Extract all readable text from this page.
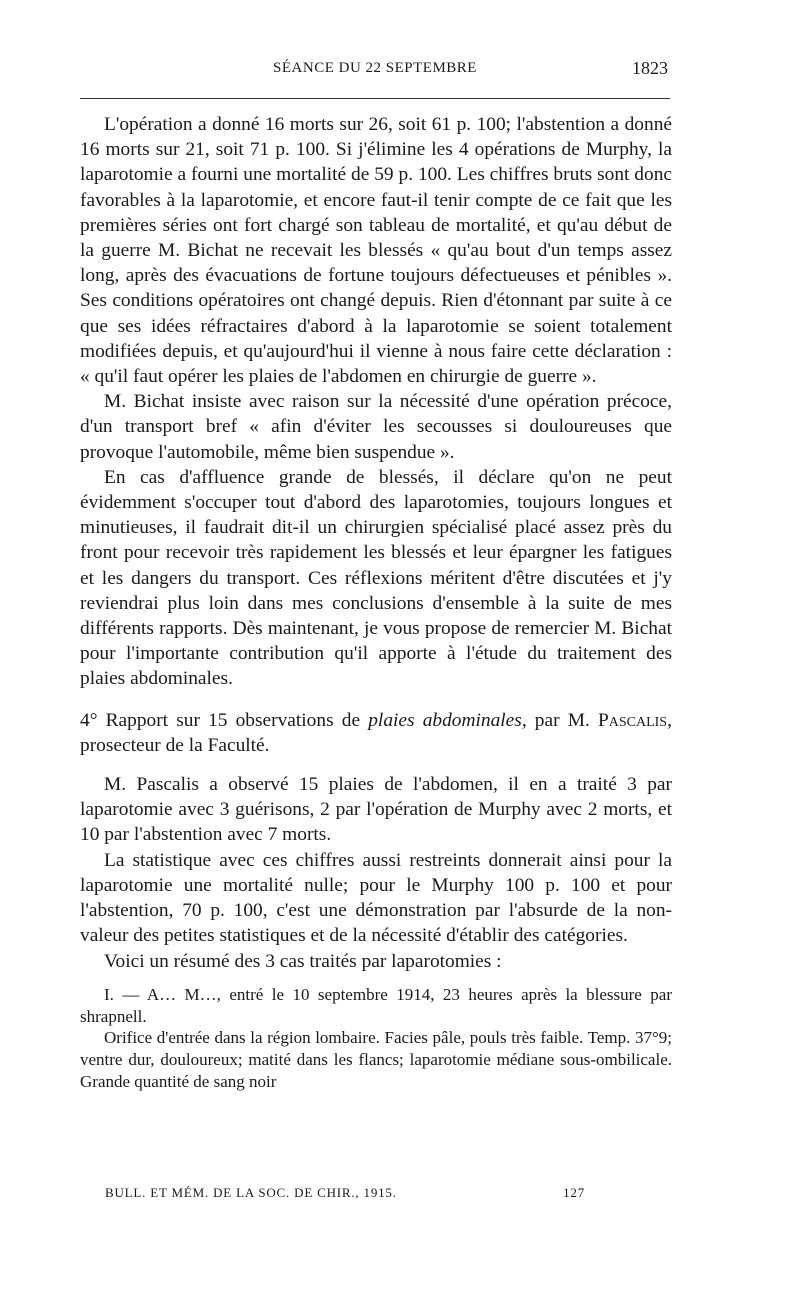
SÉANCE DU 22 SEPTEMBRE	1823

L'opération a donné 16 morts sur 26, soit 61 p. 100; l'abstention a donné 16 morts sur 21, soit 71 p. 100. Si j'élimine les 4 opérations de Murphy, la laparotomie a fourni une mortalité de 59 p. 100. Les chiffres bruts sont donc favorables à la laparotomie, et encore faut-il tenir compte de ce fait que les premières séries ont fort chargé son tableau de mortalité, et qu'au début de la guerre M. Bichat ne recevait les blessés « qu'au bout d'un temps assez long, après des évacuations de fortune toujours défectueuses et pénibles ». Ses conditions opératoires ont changé depuis. Rien d'étonnant par suite à ce que ses idées réfractaires d'abord à la laparotomie se soient totalement modifiées depuis, et qu'aujourd'hui il vienne à nous faire cette déclaration : « qu'il faut opérer les plaies de l'abdomen en chirurgie de guerre ».

M. Bichat insiste avec raison sur la nécessité d'une opération précoce, d'un transport bref « afin d'éviter les secousses si douloureuses que provoque l'automobile, même bien suspendue ».

En cas d'affluence grande de blessés, il déclare qu'on ne peut évidemment s'occuper tout d'abord des laparotomies, toujours longues et minutieuses, il faudrait dit-il un chirurgien spécialisé placé assez près du front pour recevoir très rapidement les blessés et leur épargner les fatigues et les dangers du transport. Ces réflexions méritent d'être discutées et j'y reviendrai plus loin dans mes conclusions d'ensemble à la suite de mes différents rapports. Dès maintenant, je vous propose de remercier M. Bichat pour l'importante contribution qu'il apporte à l'étude du traitement des plaies abdominales.

4° Rapport sur 15 observations de plaies abdominales, par M. Pascalis, prosecteur de la Faculté.

M. Pascalis a observé 15 plaies de l'abdomen, il en a traité 3 par laparotomie avec 3 guérisons, 2 par l'opération de Murphy avec 2 morts, et 10 par l'abstention avec 7 morts.

La statistique avec ces chiffres aussi restreints donnerait ainsi pour la laparotomie une mortalité nulle; pour le Murphy 100 p. 100 et pour l'abstention, 70 p. 100, c'est une démonstration par l'absurde de la non-valeur des petites statistiques et de la nécessité d'établir des catégories.

Voici un résumé des 3 cas traités par laparotomies :

I. — A… M…, entré le 10 septembre 1914, 23 heures après la blessure par shrapnell.

Orifice d'entrée dans la région lombaire. Facies pâle, pouls très faible. Temp. 37°9; ventre dur, douloureux; matité dans les flancs; laparotomie médiane sous-ombilicale. Grande quantité de sang noir

BULL. ET MÉM. DE LA SOC. DE CHIR., 1915.	127
